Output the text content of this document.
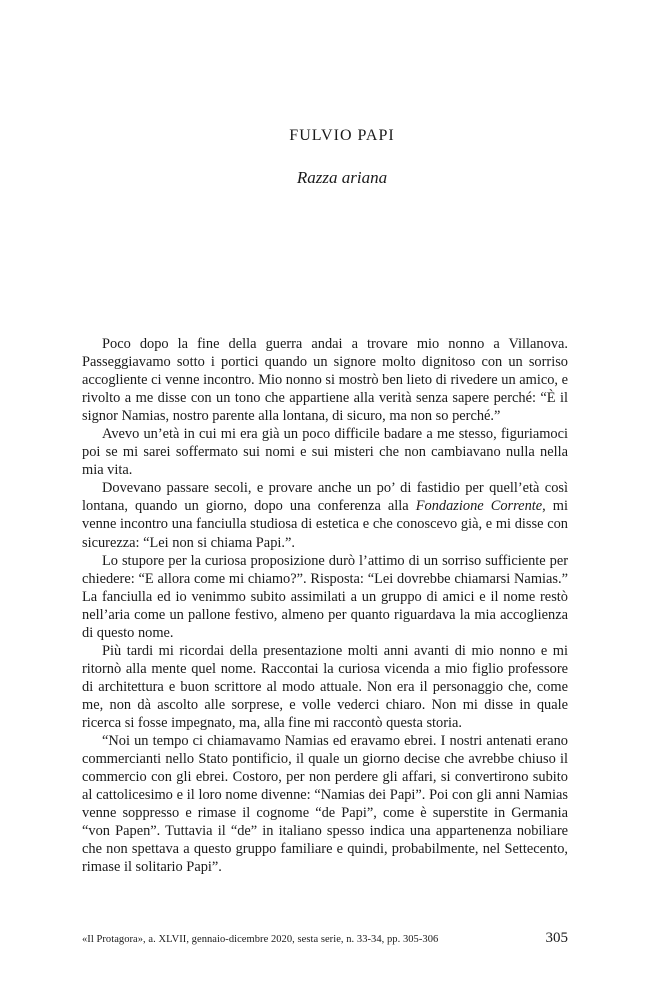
FULVIO PAPI
Razza ariana

Poco dopo la fine della guerra andai a trovare mio nonno a Villanova. Passeggiavamo sotto i portici quando un signore molto dignitoso con un sorriso accogliente ci venne incontro. Mio nonno si mostrò ben lieto di rivedere un amico, e rivolto a me disse con un tono che appartiene alla verità senza sapere perché: “È il signor Namias, nostro parente alla lontana, di sicuro, ma non so perché.”

Avevo un’età in cui mi era già un poco difficile badare a me stesso, figuriamoci poi se mi sarei soffermato sui nomi e sui misteri che non cambiavano nulla nella mia vita.

Dovevano passare secoli, e provare anche un po’ di fastidio per quell’età così lontana, quando un giorno, dopo una conferenza alla Fondazione Corrente, mi venne incontro una fanciulla studiosa di estetica e che conoscevo già, e mi disse con sicurezza: “Lei non si chiama Papi.”.

Lo stupore per la curiosa proposizione durò l’attimo di un sorriso sufficiente per chiedere: “E allora come mi chiamo?”. Risposta: “Lei dovrebbe chiamarsi Namias.” La fanciulla ed io venimmo subito assimilati a un gruppo di amici e il nome restò nell’aria come un pallone festivo, almeno per quanto riguardava la mia accoglienza di questo nome.

Più tardi mi ricordai della presentazione molti anni avanti di mio nonno e mi ritornò alla mente quel nome. Raccontai la curiosa vicenda a mio figlio professore di architettura e buon scrittore al modo attuale. Non era il personaggio che, come me, non dà ascolto alle sorprese, e volle vederci chiaro. Non mi disse in quale ricerca si fosse impegnato, ma, alla fine mi raccontò questa storia.

“Noi un tempo ci chiamavamo Namias ed eravamo ebrei. I nostri antenati erano commercianti nello Stato pontificio, il quale un giorno decise che avrebbe chiuso il commercio con gli ebrei. Costoro, per non perdere gli affari, si convertirono subito al cattolicesimo e il loro nome divenne: “Namias dei Papi”. Poi con gli anni Namias venne soppresso e rimase il cognome “de Papi”, come è superstite in Germania “von Papen”. Tuttavia il “de” in italiano spesso indica una appartenenza nobiliare che non spettava a questo gruppo familiare e quindi, probabilmente, nel Settecento, rimase il solitario Papi”.

«Il Protagora», a. XLVII, gennaio-dicembre 2020, sesta serie, n. 33-34, pp. 305-306	305
